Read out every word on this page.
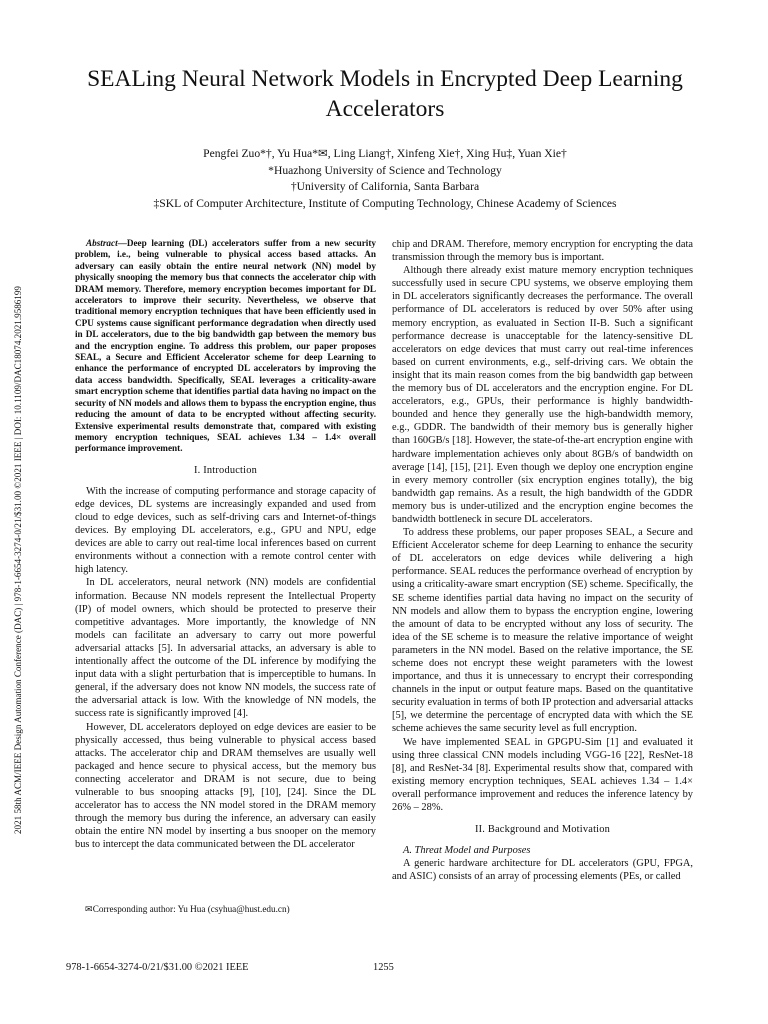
2021 58th ACM/IEEE Design Automation Conference (DAC) | 978-1-6654-3274-0/21/$31.00 ©2021 IEEE | DOI: 10.1109/DAC18074.2021.9586199
SEALing Neural Network Models in Encrypted Deep Learning Accelerators
Pengfei Zuo*†, Yu Hua*✉, Ling Liang†, Xinfeng Xie†, Xing Hu‡, Yuan Xie†
*Huazhong University of Science and Technology
†University of California, Santa Barbara
‡SKL of Computer Architecture, Institute of Computing Technology, Chinese Academy of Sciences

Abstract—Deep learning (DL) accelerators suffer from a new security problem, i.e., being vulnerable to physical access based attacks. An adversary can easily obtain the entire neural network (NN) model by physically snooping the memory bus that connects the accelerator chip with DRAM memory. Therefore, memory encryption becomes important for DL accelerators to improve their security. Nevertheless, we observe that traditional memory encryption techniques that have been efficiently used in CPU systems cause significant performance degradation when directly used in DL accelerators, due to the big bandwidth gap between the memory bus and the encryption engine. To address this problem, our paper proposes SEAL, a Secure and Efficient Accelerator scheme for deep Learning to enhance the performance of encrypted DL accelerators by improving the data access bandwidth. Specifically, SEAL leverages a criticality-aware smart encryption scheme that identifies partial data having no impact on the security of NN models and allows them to bypass the encryption engine, thus reducing the amount of data to be encrypted without affecting security. Extensive experimental results demonstrate that, compared with existing memory encryption techniques, SEAL achieves 1.34 – 1.4× overall performance improvement.

I. Introduction

With the increase of computing performance and storage capacity of edge devices, DL systems are increasingly expanded and used from cloud to edge devices, such as self-driving cars and Internet-of-things devices. By employing DL accelerators, e.g., GPU and NPU, edge devices are able to carry out real-time local inferences based on current environments without a connection with a remote control center with high latency.

In DL accelerators, neural network (NN) models are confidential information. Because NN models represent the Intellectual Property (IP) of model owners, which should be protected to preserve their competitive advantages. More importantly, the knowledge of NN models can facilitate an adversary to carry out more powerful adversarial attacks [5]. In adversarial attacks, an adversary is able to intentionally affect the outcome of the DL inference by modifying the input data with a slight perturbation that is imperceptible to humans. In general, if the adversary does not know NN models, the success rate of the adversarial attack is low. With the knowledge of NN models, the success rate is significantly improved [4].

However, DL accelerators deployed on edge devices are easier to be physically accessed, thus being vulnerable to physical access based attacks. The accelerator chip and DRAM themselves are usually well packaged and hence secure to physical access, but the memory bus connecting accelerator and DRAM is not secure, due to being vulnerable to bus snooping attacks [9], [10], [24]. Since the DL accelerator has to access the NN model stored in the DRAM memory through the memory bus during the inference, an adversary can easily obtain the entire NN model by inserting a bus snooper on the memory bus to intercept the data communicated between the DL accelerator

chip and DRAM. Therefore, memory encryption for encrypting the data transmission through the memory bus is important.

Although there already exist mature memory encryption techniques successfully used in secure CPU systems, we observe employing them in DL accelerators significantly decreases the performance. The overall performance of DL accelerators is reduced by over 50% after using memory encryption, as evaluated in Section II-B. Such a significant performance decrease is unacceptable for the latency-sensitive DL accelerators on edge devices that must carry out real-time inferences based on current environments, e.g., self-driving cars. We obtain the insight that its main reason comes from the big bandwidth gap between the memory bus of DL accelerators and the encryption engine. For DL accelerators, e.g., GPUs, their performance is highly bandwidth-bounded and hence they generally use the high-bandwidth memory, e.g., GDDR. The bandwidth of their memory bus is generally higher than 160GB/s [18]. However, the state-of-the-art encryption engine with hardware implementation achieves only about 8GB/s of bandwidth on average [14], [15], [21]. Even though we deploy one encryption engine in every memory controller (six encryption engines totally), the big bandwidth gap remains. As a result, the high bandwidth of the GDDR memory bus is under-utilized and the encryption engine becomes the bandwidth bottleneck in secure DL accelerators.

To address these problems, our paper proposes SEAL, a Secure and Efficient Accelerator scheme for deep Learning to enhance the security of DL accelerators on edge devices while delivering a high performance. SEAL reduces the performance overhead of encryption by using a criticality-aware smart encryption (SE) scheme. Specifically, the SE scheme identifies partial data having no impact on the security of NN models and allow them to bypass the encryption engine, lowering the amount of data to be encrypted without any loss of security. The idea of the SE scheme is to measure the relative importance of weight parameters in the NN model. Based on the relative importance, the SE scheme does not encrypt these weight parameters with the lowest importance, and thus it is unnecessary to encrypt their corresponding channels in the input or output feature maps. Based on the quantitative security evaluation in terms of both IP protection and adversarial attacks [5], we determine the percentage of encrypted data with which the SE scheme achieves the same security level as full encryption.

We have implemented SEAL in GPGPU-Sim [1] and evaluated it using three classical CNN models including VGG-16 [22], ResNet-18 [8], and ResNet-34 [8]. Experimental results show that, compared with existing memory encryption techniques, SEAL achieves 1.34 – 1.4× overall performance improvement and reduces the inference latency by 26% – 28%.

II. Background and Motivation

A. Threat Model and Purposes

A generic hardware architecture for DL accelerators (GPU, FPGA, and ASIC) consists of an array of processing elements (PEs, or called

✉Corresponding author: Yu Hua (csyhua@hust.edu.cn)
978-1-6654-3274-0/21/$31.00 ©2021 IEEE	1255
